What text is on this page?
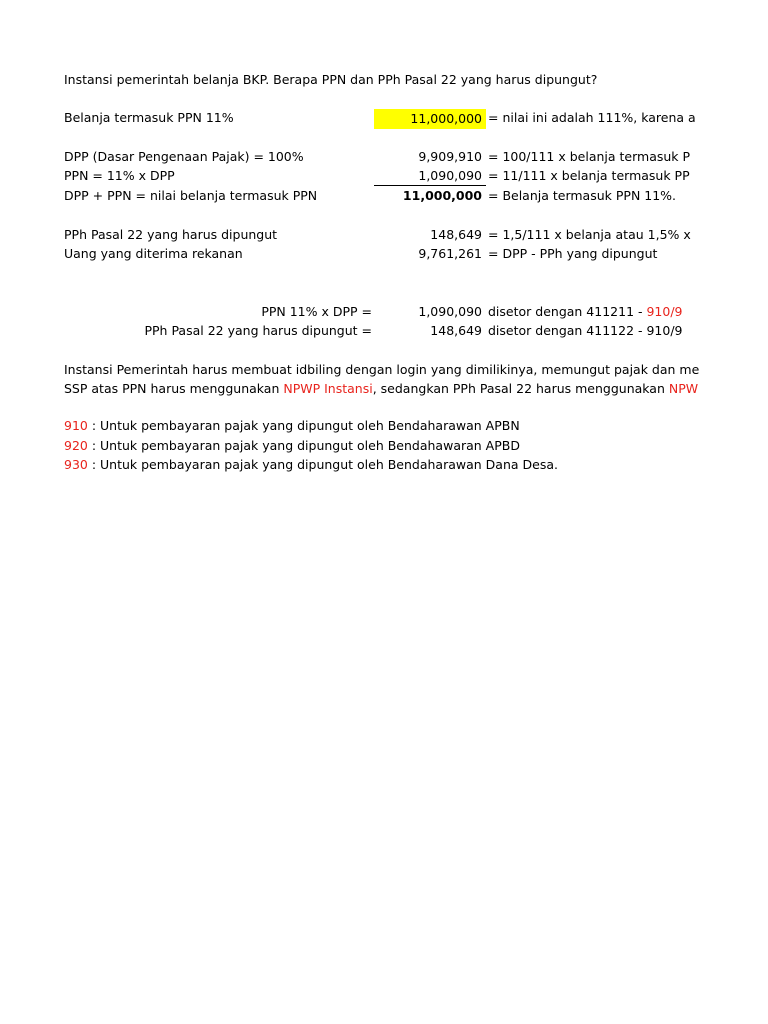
Instansi pemerintah belanja BKP. Berapa PPN dan PPh Pasal 22 yang harus dipungut?
Belanja termasuk PPN 11%	11,000,000 = nilai ini adalah 111%, karena a
DPP (Dasar Pengenaan Pajak) = 100%	9,909,910 = 100/111 x belanja termasuk P
PPN = 11% x DPP	1,090,090 = 11/111 x belanja termasuk PP
DPP + PPN = nilai belanja termasuk PPN	11,000,000 = Belanja termasuk PPN 11%.
PPh Pasal 22 yang harus dipungut	148,649 = 1,5/111 x belanja atau 1,5% x
Uang yang diterima rekanan	9,761,261 = DPP - PPh yang dipungut
PPN 11% x DPP =	1,090,090 disetor dengan 411211 - 910/9
PPh Pasal 22 yang harus dipungut =	148,649 disetor dengan 411122 - 910/9
Instansi Pemerintah harus membuat idbiling dengan login yang dimilikinya, memungut pajak dan me
SSP atas PPN harus menggunakan NPWP Instansi, sedangkan PPh Pasal 22 harus menggunakan NPW
910 : Untuk pembayaran pajak yang dipungut oleh Bendaharawan APBN
920 : Untuk pembayaran pajak yang dipungut oleh Bendahawaran APBD
930 : Untuk pembayaran pajak yang dipungut oleh Bendaharawan Dana Desa.
